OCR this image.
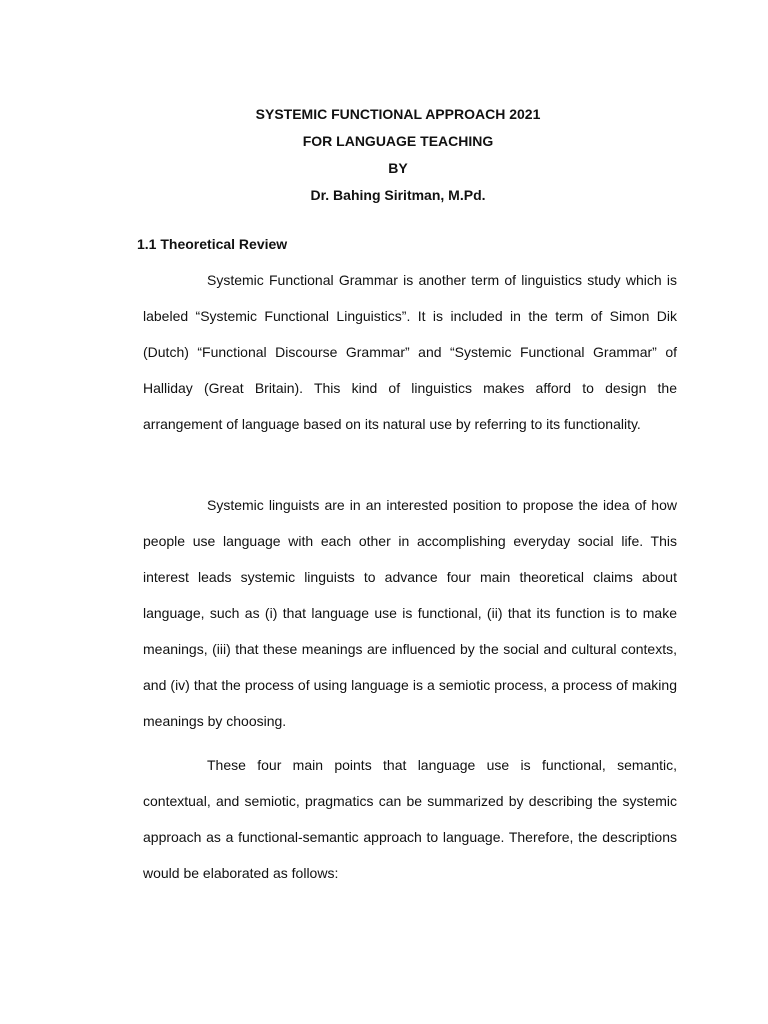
SYSTEMIC FUNCTIONAL APPROACH 2021
FOR LANGUAGE TEACHING
BY
Dr. Bahing Siritman, M.Pd.
1.1 Theoretical Review

Systemic Functional Grammar is another term of linguistics study which is labeled “Systemic Functional Linguistics”. It is included in the term of Simon Dik (Dutch) “Functional Discourse Grammar” and “Systemic Functional Grammar” of Halliday (Great Britain). This kind of linguistics makes afford to design the arrangement of language based on its natural use by referring to its functionality.

Systemic linguists are in an interested position to propose the idea of how people use language with each other in accomplishing everyday social life. This interest leads systemic linguists to advance four main theoretical claims about language, such as (i) that language use is functional, (ii) that its function is to make meanings, (iii) that these meanings are influenced by the social and cultural contexts, and (iv) that the process of using language is a semiotic process, a process of making meanings by choosing.

These four main points that language use is functional, semantic, contextual, and semiotic, pragmatics can be summarized by describing the systemic approach as a functional-semantic approach to language. Therefore, the descriptions would be elaborated as follows:
